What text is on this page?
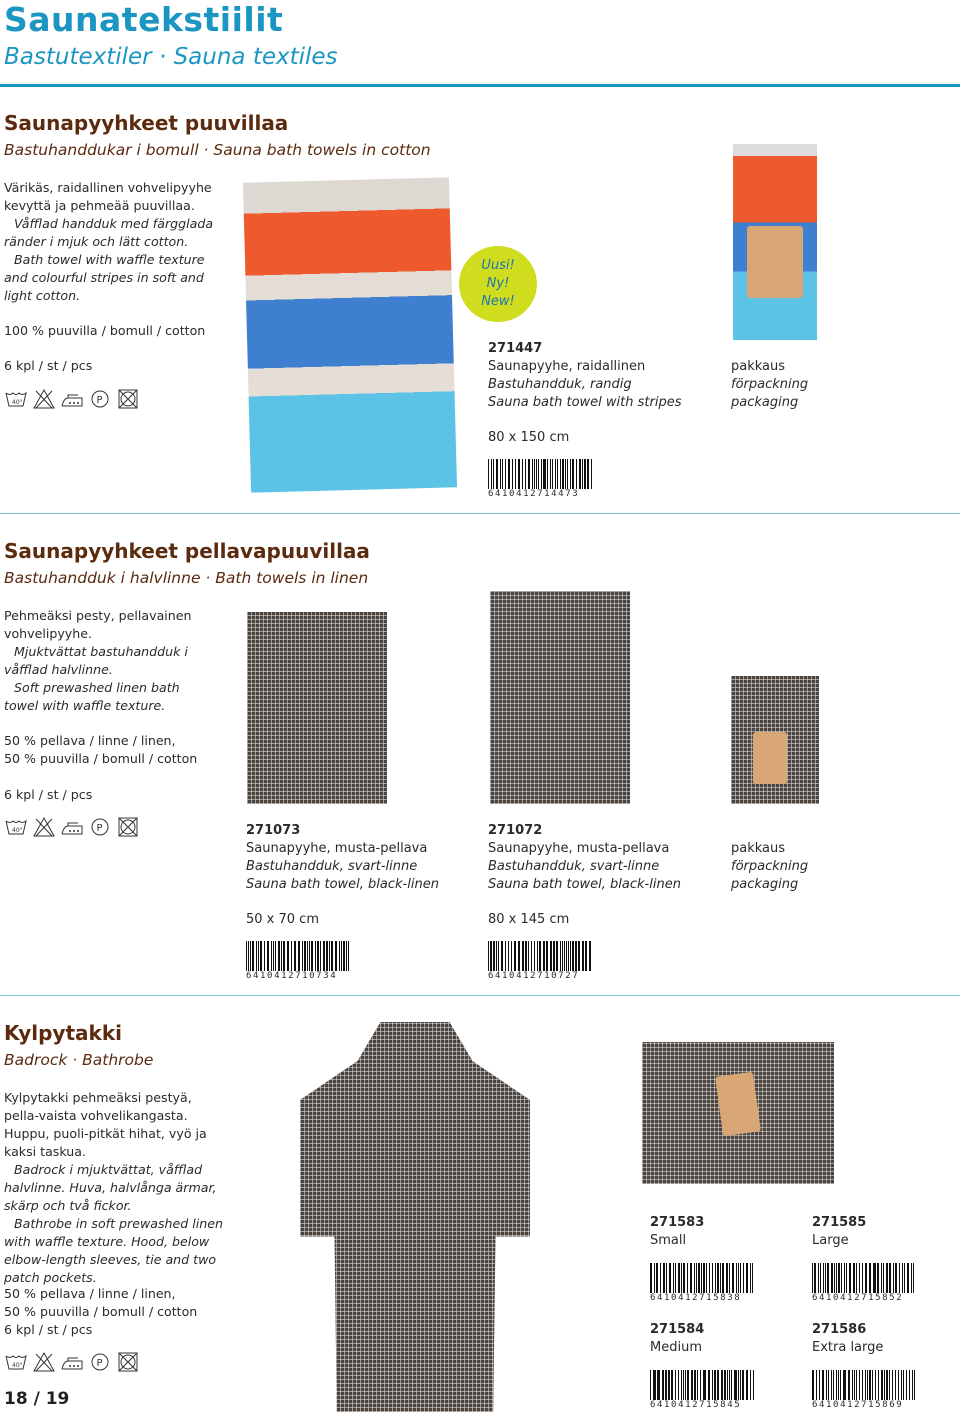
Saunatekstiilit
Bastutextiler · Sauna textiles
Saunapyyhkeet puuvillaa
Bastuhanddukar i bomull · Sauna bath towels in cotton

Värikäs, raidallinen vohvelipyyhe kevyttä ja pehmeää puuvillaa.

Våfflad handduk med färgglada ränder i mjuk och lätt cotton.

Bath towel with waffle texture and colourful stripes in soft and light cotton.

100 % puuvilla / bomull / cotton
6 kpl / st / pcs
40°	P
Uusi!
Ny!
New!
271447
Saunapyyhe, raidallinen
Bastuhandduk, randig
Sauna bath towel with stripes
pakkaus
förpackning
packaging
80 x 150 cm
6410412714473
Saunapyyhkeet pellavapuuvillaa
Bastuhandduk i halvlinne · Bath towels in linen

Pehmeäksi pesty, pellavainen vohvelipyyhe.

Mjuktvättat bastuhandduk i våfflad halvlinne.

Soft prewashed linen bath towel with waffle texture.

50 % pellava / linne / linen,
50 % puuvilla / bomull / cotton
6 kpl / st / pcs
40°	P	271073
Saunapyyhe, musta-pellava
Bastuhandduk, svart-linne
Sauna bath towel, black-linen
271072
Saunapyyhe, musta-pellava
Bastuhandduk, svart-linne
Sauna bath towel, black-linen
pakkaus
förpackning
packaging
50 x 70 cm	80 x 145 cm
6410412710734	6410412710727
Kylpytakki
Badrock · Bathrobe

Kylpytakki pehmeäksi pestyä, pella-vaista vohvelikangasta. Huppu, puoli-pitkät hihat, vyö ja kaksi taskua.

Badrock i mjuktvättat, våfflad halvlinne. Huva, halvlånga ärmar, skärp och två fickor.

Bathrobe in soft prewashed linen with waffle texture. Hood, below elbow-length sleeves, tie and two patch pockets.

50 % pellava / linne / linen,
50 % puuvilla / bomull / cotton
6 kpl / st / pcs
40°	P
271583
Small
271585
Large
6410412715838	6410412715852
271584
Medium
271586
Extra large
6410412715845	6410412715869
18 / 19
